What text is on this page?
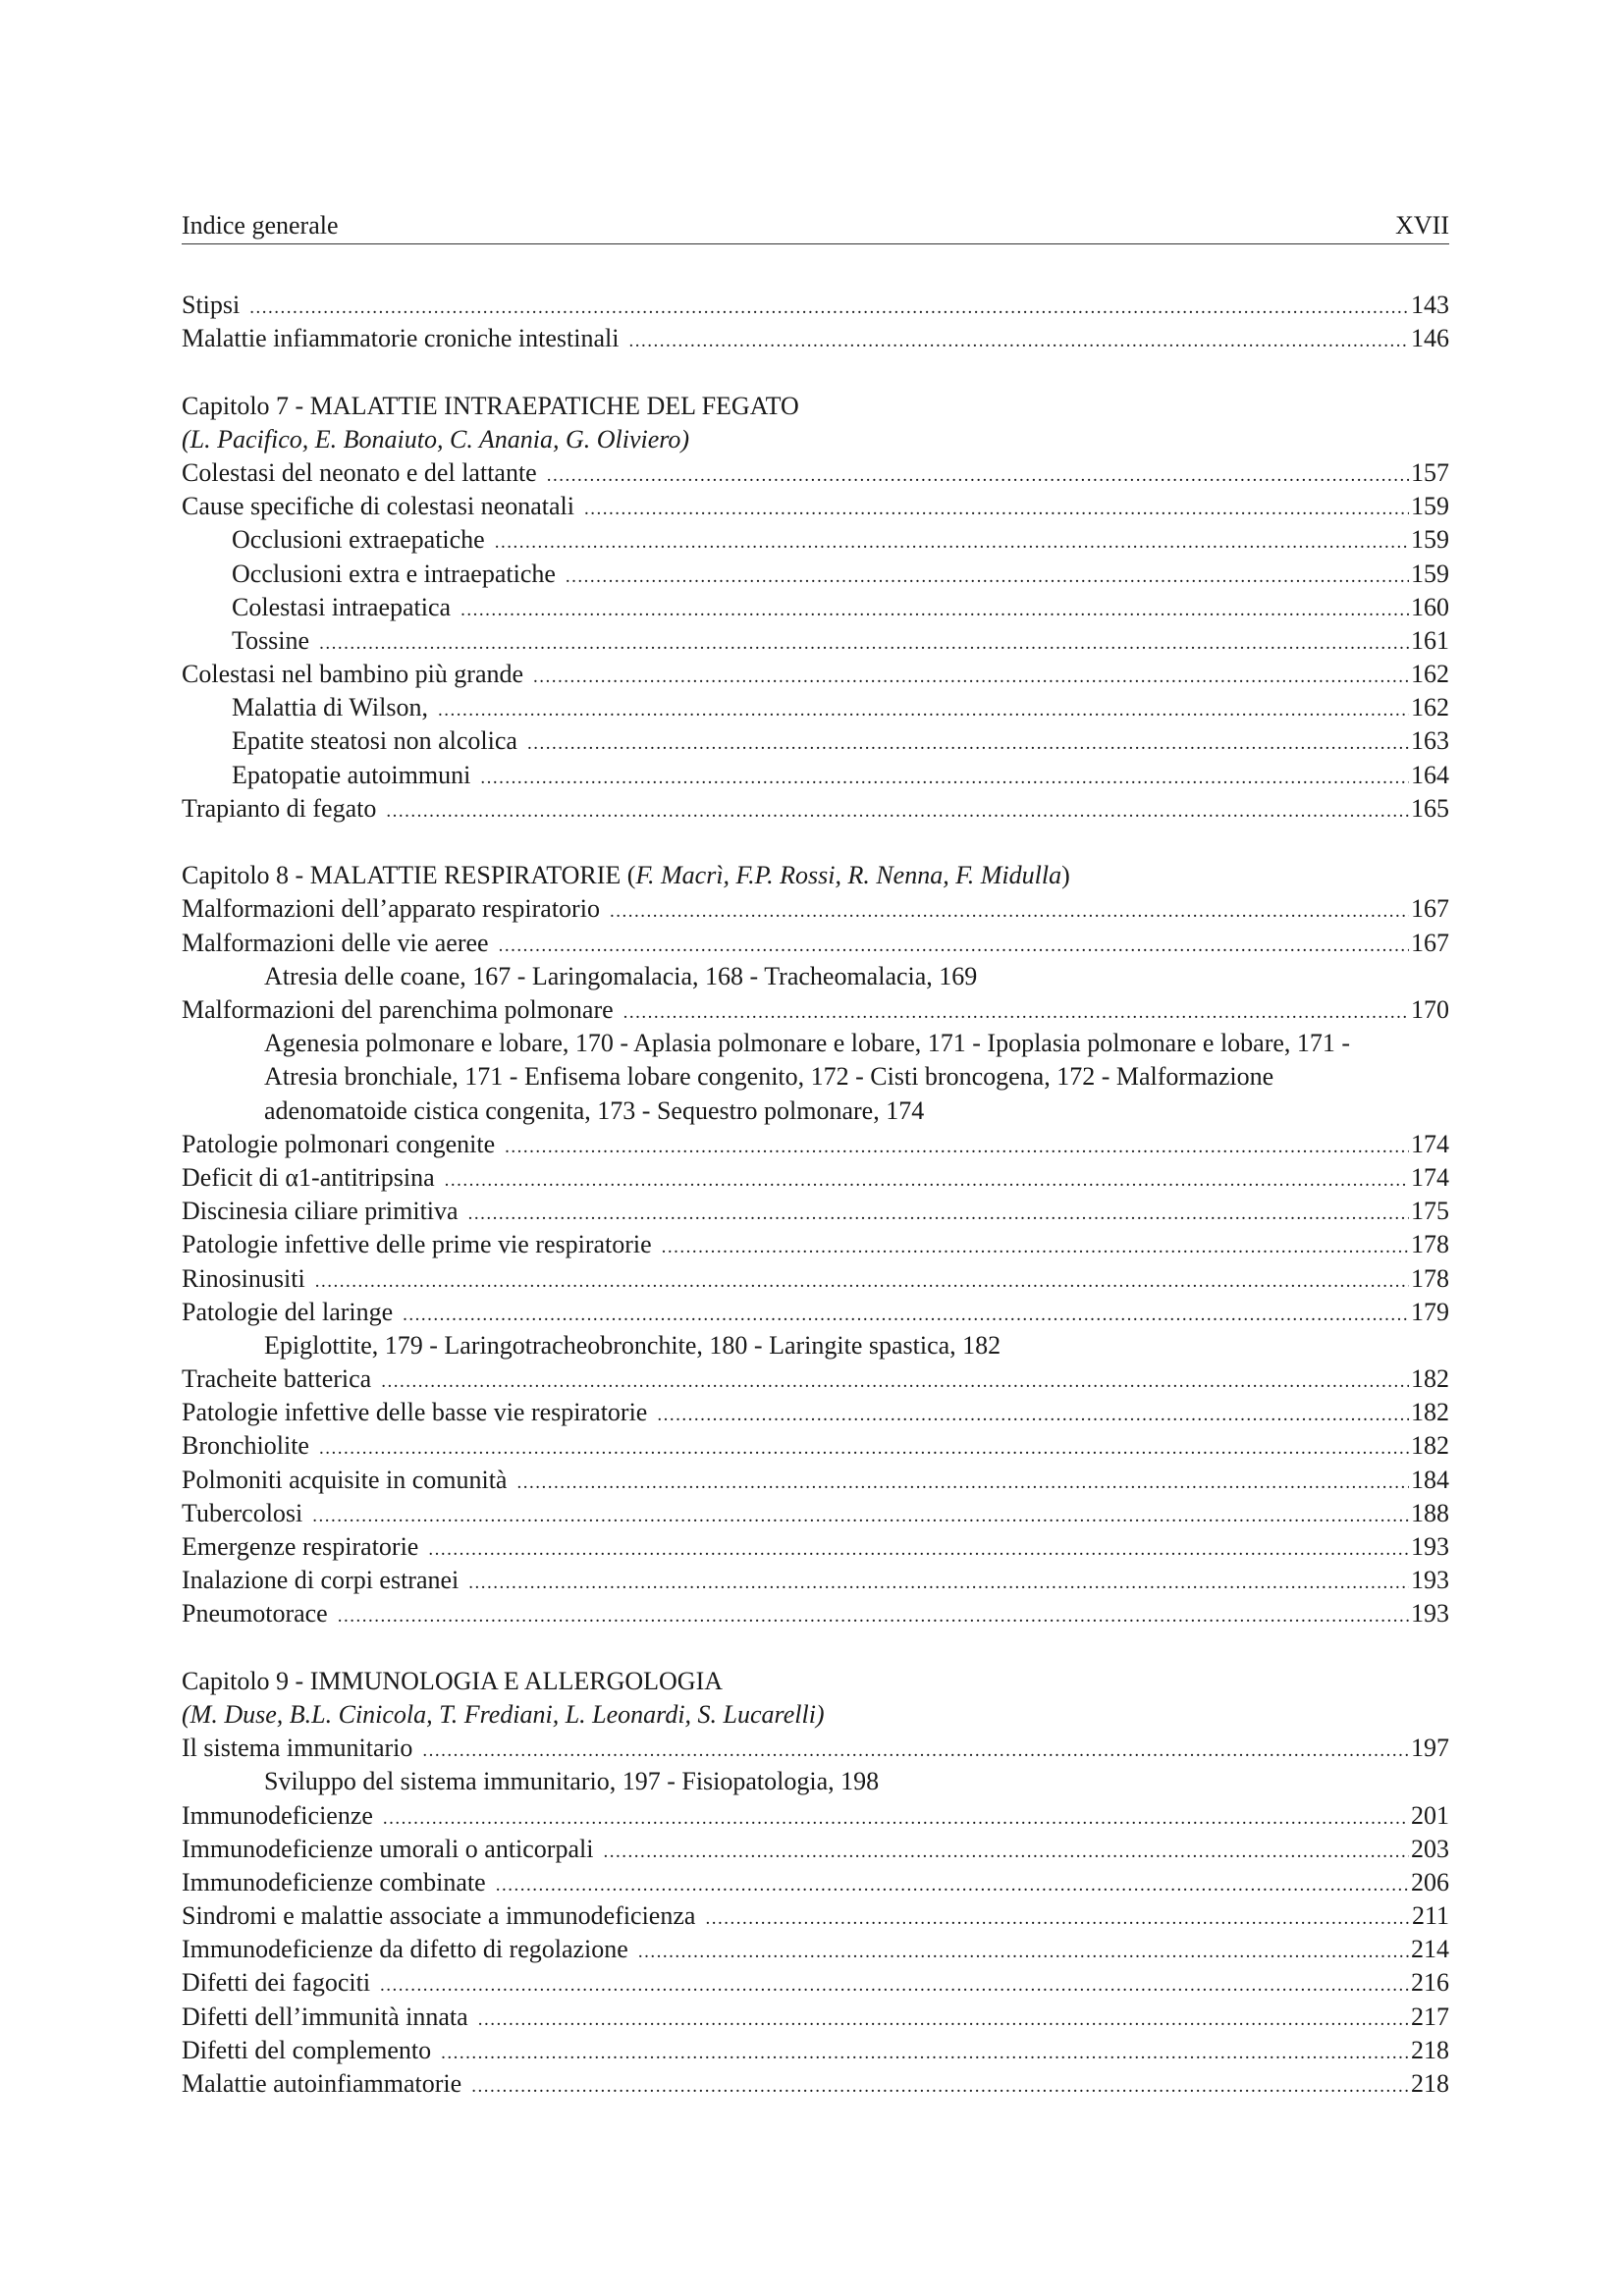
Indice generale	XVII
Stipsi .....	143
Malattie infiammatorie croniche intestinali .....	146
Capitolo 7 - MALATTIE INTRAEPATICHE DEL FEGATO
(L. Pacifico, E. Bonaiuto, C. Anania, G. Oliviero)
Colestasi del neonato e del lattante .....	157
Cause specifiche di colestasi neonatali .....	159
Occlusioni extraepatiche .....	159
Occlusioni extra e intraepatiche .....	159
Colestasi intraepatica .....	160
Tossine .....	161
Colestasi nel bambino più grande .....	162
Malattia di Wilson, .....	162
Epatite steatosi non alcolica .....	163
Epatopatie autoimmuni .....	164
Trapianto di fegato .....	165
Capitolo 8 - MALATTIE RESPIRATORIE (F. Macrì, F.P. Rossi, R. Nenna, F. Midulla)
Malformazioni dell’apparato respiratorio .....	167
Malformazioni delle vie aeree .....	167
Atresia delle coane, 167 - Laringomalacia, 168 - Tracheomalacia, 169
Malformazioni del parenchima polmonare .....	170
Agenesia polmonare e lobare, 170 - Aplasia polmonare e lobare, 171 - Ipoplasia polmonare e lobare, 171 - Atresia bronchiale, 171 - Enfisema lobare congenito, 172 - Cisti broncogena, 172 - Malformazione adenomatoide cistica congenita, 173 - Sequestro polmonare, 174
Patologie polmonari congenite .....	174
Deficit di α1-antitripsina .....	174
Discinesia ciliare primitiva .....	175
Patologie infettive delle prime vie respiratorie .....	178
Rinosinusiti .....	178
Patologie del laringe .....	179
Epiglottite, 179 - Laringotracheobronchite, 180 - Laringite spastica, 182
Tracheite batterica .....	182
Patologie infettive delle basse vie respiratorie .....	182
Bronchiolite .....	182
Polmoniti acquisite in comunità .....	184
Tubercolosi .....	188
Emergenze respiratorie .....	193
Inalazione di corpi estranei .....	193
Pneumotorace .....	193
Capitolo 9 - IMMUNOLOGIA E ALLERGOLOGIA
(M. Duse, B.L. Cinicola, T. Frediani, L. Leonardi, S. Lucarelli)
Il sistema immunitario .....	197
Sviluppo del sistema immunitario, 197 - Fisiopatologia, 198
Immunodeficienze .....	201
Immunodeficienze umorali o anticorpali .....	203
Immunodeficienze combinate .....	206
Sindromi e malattie associate a immunodeficienza .....	211
Immunodeficienze da difetto di regolazione .....	214
Difetti dei fagociti .....	216
Difetti dell’immunità innata .....	217
Difetti del complemento .....	218
Malattie autoinfiammatorie .....	218
